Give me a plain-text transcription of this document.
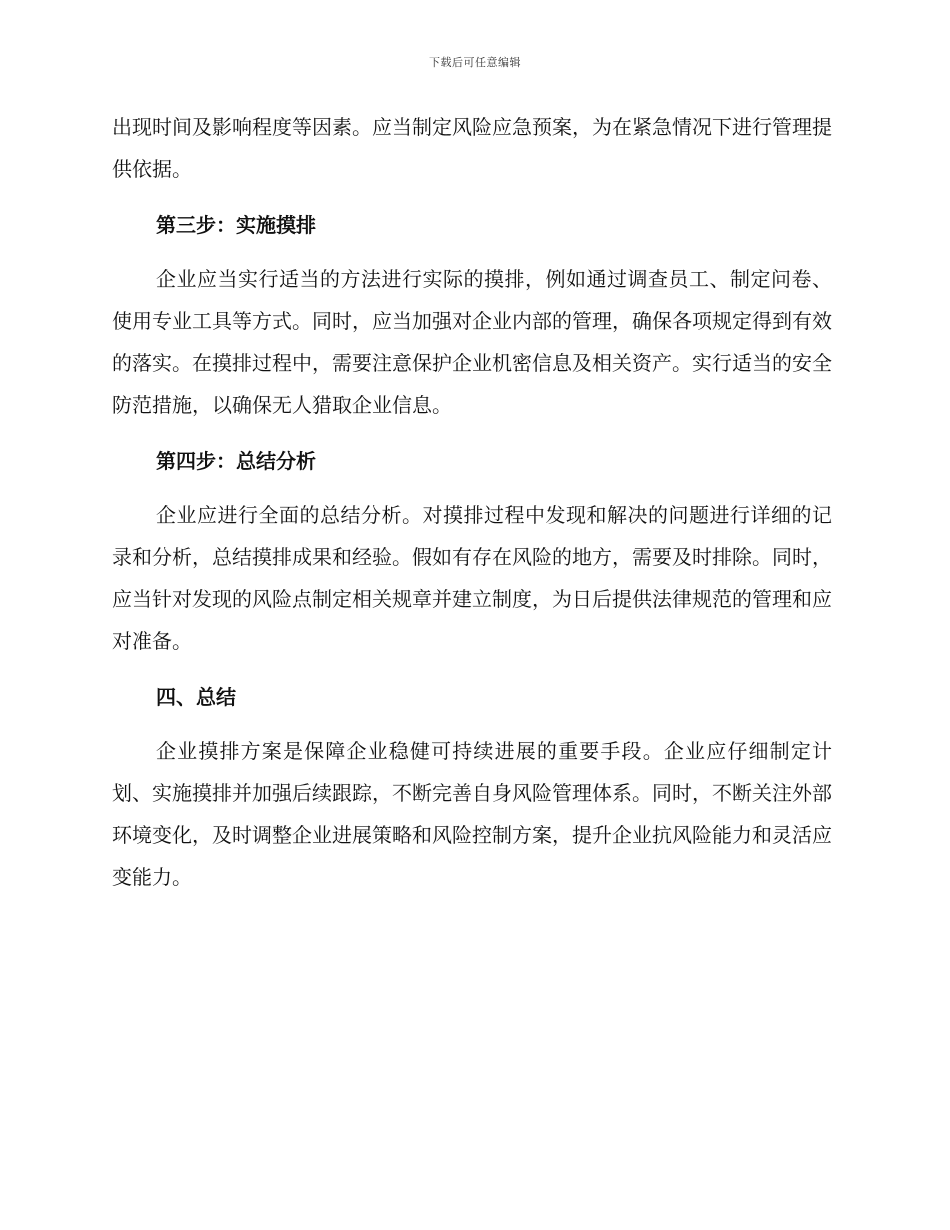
下载后可任意编辑

出现时间及影响程度等因素。应当制定风险应急预案，为在紧急情况下进行管理提供依据。

第三步：实施摸排

企业应当实行适当的方法进行实际的摸排，例如通过调查员工、制定问卷、使用专业工具等方式。同时，应当加强对企业内部的管理，确保各项规定得到有效的落实。在摸排过程中，需要注意保护企业机密信息及相关资产。实行适当的安全防范措施，以确保无人猎取企业信息。

第四步：总结分析

企业应进行全面的总结分析。对摸排过程中发现和解决的问题进行详细的记录和分析，总结摸排成果和经验。假如有存在风险的地方，需要及时排除。同时，应当针对发现的风险点制定相关规章并建立制度，为日后提供法律规范的管理和应对准备。

四、总结

企业摸排方案是保障企业稳健可持续进展的重要手段。企业应仔细制定计划、实施摸排并加强后续跟踪，不断完善自身风险管理体系。同时，不断关注外部环境变化，及时调整企业进展策略和风险控制方案，提升企业抗风险能力和灵活应变能力。
